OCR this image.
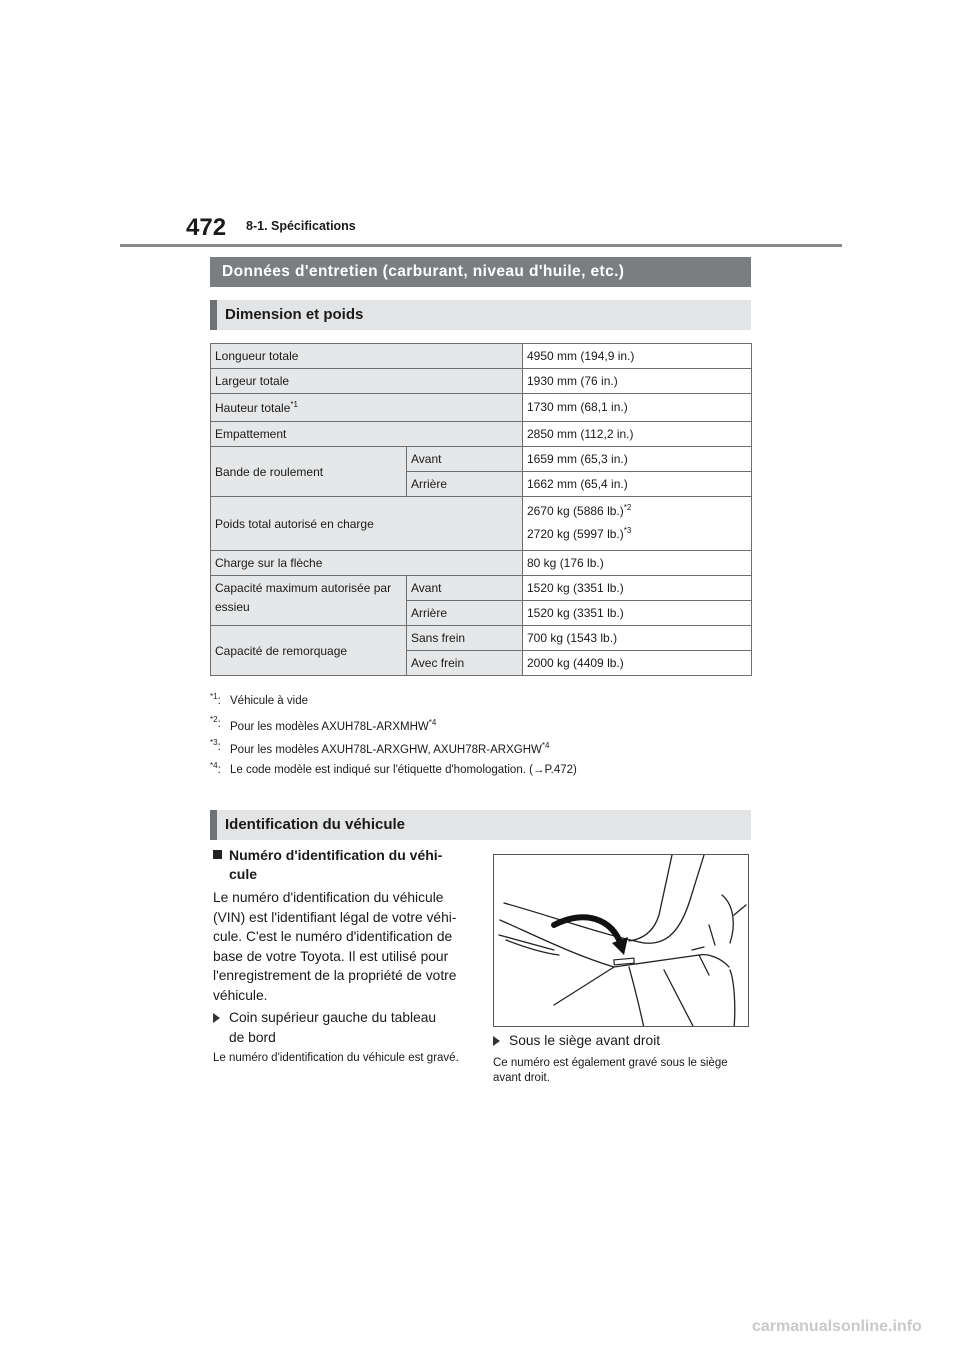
472 8-1. Spécifications
Données d'entretien (carburant, niveau d'huile, etc.)
Dimension et poids
Longueur totale		4950 mm (194,9 in.)

Largeur totale		1930 mm (76 in.)

Hauteur totale$^{*1}$		1730 mm (68,1 in.)

Empattement		2850 mm (112,2 in.)

Bande de roulement	Avant	1659 mm (65,3 in.)

	Arrière	1662 mm (65,4 in.)

Poids total autorisé en charge		2670 kg (5886 lb.)$^{*2}$
2720 kg (5997 lb.)$^{*3}$

Charge sur la flèche		80 kg (176 lb.)

Capacité maximum autorisée par
essieu	Avant	1520 kg (3351 lb.)

	Arrière	1520 kg (3351 lb.)

Capacité de remorquage	Sans frein	700 kg (1543 lb.)

	Avec frein	2000 kg (4409 lb.)
$^{*1}$: Véhicule à vide
$^{*2}$: Pour les modèles AXUH78L-ARXMHW$^{*4}$
$^{*3}$: Pour les modèles AXUH78L-ARXGHW, AXUH78R-ARXGHW$^{*4}$
$^{*4}$: Le code modèle est indiqué sur l'étiquette d'homologation. (→P.472)
Identification du véhicule
Numéro d'identification du véhi-
cule
Le numéro d'identification du véhicule (VIN) est l'identifiant légal de votre véhicule. C'est le numéro d'identification de base de votre Toyota. Il est utilisé pour l'enregistrement de la propriété de votre véhicule.
Coin supérieur gauche du tableau
de bord
Le numéro d'identification du véhicule est gravé.
Sous le siège avant droit
Ce numéro est également gravé sous le siège avant droit.
carmanualsonline.info
